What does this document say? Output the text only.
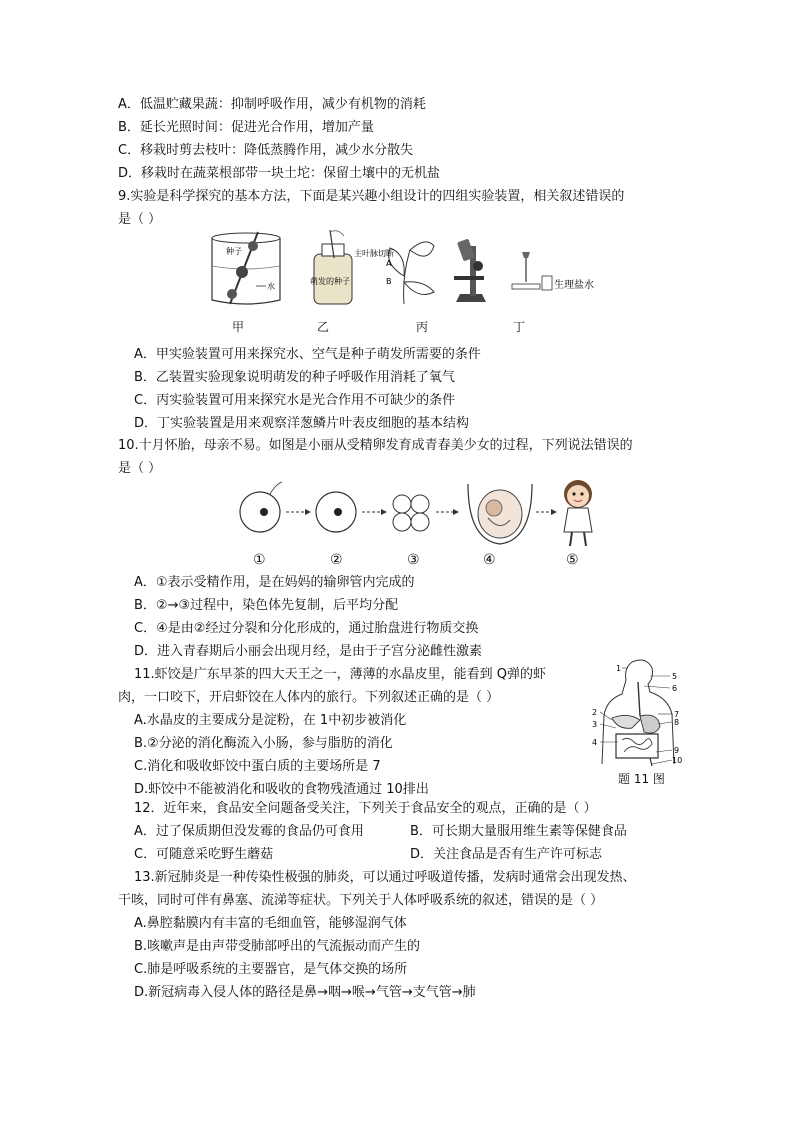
A．低温贮藏果蔬：抑制呼吸作用，减少有机物的消耗
B．延长光照时间：促进光合作用，增加产量
C．移栽时剪去枝叶：降低蒸腾作用，减少水分散失
D．移栽时在蔬菜根部带一块土坨：保留土壤中的无机盐
9.实验是科学探究的基本方法，下面是某兴趣小组设计的四组实验装置，相关叙述错误的
是（ ）
种子
水
萌发的种子
主叶脉切断
A
B	生理盐水
甲	乙	丙	丁
A．甲实验装置可用来探究水、空气是种子萌发所需要的条件
B．乙装置实验现象说明萌发的种子呼吸作用消耗了氧气
C．丙实验装置可用来探究水是光合作用不可缺少的条件
D．丁实验装置是用来观察洋葱鳞片叶表皮细胞的基本结构
10.十月怀胎，母亲不易。如图是小丽从受精卵发育成青春美少女的过程，下列说法错误的
是（ ）
①	②	③	④	⑤
A．①表示受精作用，是在妈妈的输卵管内完成的
B．②→③过程中，染色体先复制，后平均分配
C．④是由②经过分裂和分化形成的，通过胎盘进行物质交换
D．进入青春期后小丽会出现月经，是由于子宫分泌雌性激素
11.虾饺是广东早茶的四大天王之一，薄薄的水晶皮里，能看到 Q弹的虾
肉，一口咬下，开启虾饺在人体内的旅行。下列叙述正确的是（ ）
A.水晶皮的主要成分是淀粉，在 1中初步被消化
B.②分泌的消化酶流入小肠，参与脂肪的消化
C.消化和吸收虾饺中蛋白质的主要场所是 7
D.虾饺中不能被消化和吸收的食物残渣通过 10排出
1
2
3
4
5
6
7
8
9
10
题 11 图
12．近年来，食品安全问题备受关注，下列关于食品安全的观点，正确的是（ ）
A．过了保质期但没发霉的食品仍可食用	B．可长期大量服用维生素等保健食品
C．可随意采吃野生蘑菇	D．关注食品是否有生产许可标志
13.新冠肺炎是一种传染性极强的肺炎，可以通过呼吸道传播，发病时通常会出现发热、
干咳，同时可伴有鼻塞、流涕等症状。下列关于人体呼吸系统的叙述，错误的是（ ）
A.鼻腔黏膜内有丰富的毛细血管，能够湿润气体
B.咳嗽声是由声带受肺部呼出的气流振动而产生的
C.肺是呼吸系统的主要器官，是气体交换的场所
D.新冠病毒入侵人体的路径是鼻→咽→喉→气管→支气管→肺
